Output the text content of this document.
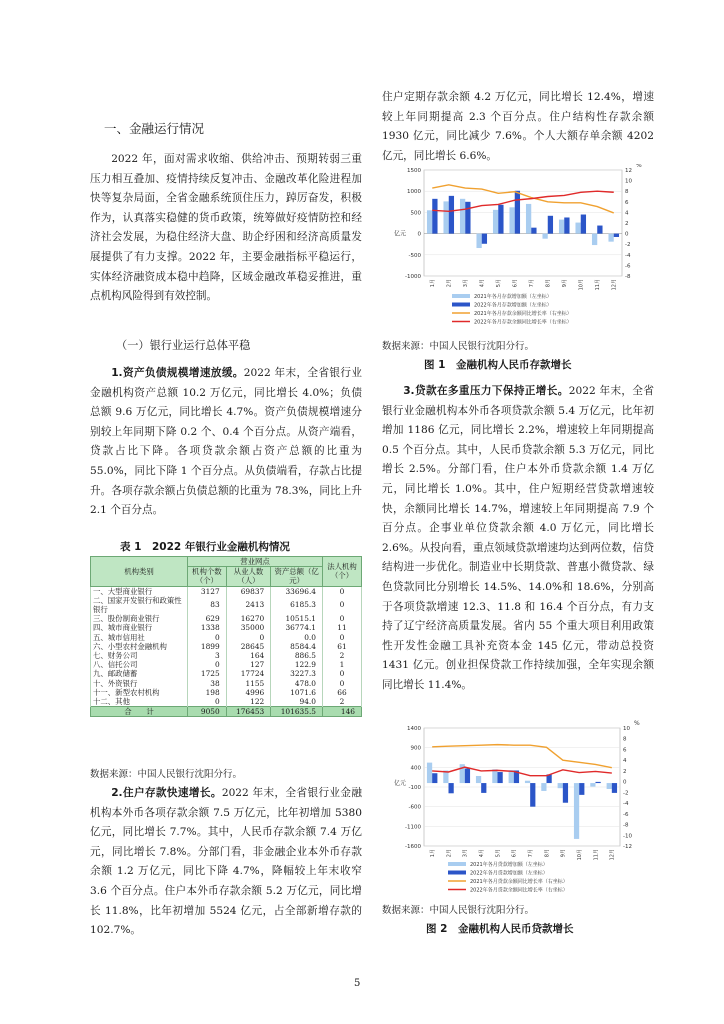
一、金融运行情况

2022 年，面对需求收缩、供给冲击、预期转弱三重压力相互叠加、疫情持续反复冲击、金融改革化险进程加快等复杂局面，全省金融系统顶住压力，踔厉奋发，积极作为，认真落实稳健的货币政策，统筹做好疫情防控和经济社会发展，为稳住经济大盘、助企纾困和经济高质量发展提供了有力支撑。2022 年，主要金融指标平稳运行，实体经济融资成本稳中趋降，区域金融改革稳妥推进，重点机构风险得到有效控制。

（一）银行业运行总体平稳

1.资产负债规模增速放缓。2022 年末，全省银行业金融机构资产总额 10.2 万亿元，同比增长 4.0%；负债总额 9.6 万亿元，同比增长 4.7%。资产负债规模增速分别较上年同期下降 0.2 个、0.4 个百分点。从资产端看，贷款占比下降。各项贷款余额占资产总额的比重为 55.0%，同比下降 1 个百分点。从负债端看，存款占比提升。各项存款余额占负债总额的比重为 78.3%，同比上升 2.1 个百分点。

表 1　2022 年银行业金融机构情况
机构类别	营业网点			法人机构（个）
	机构个数（个）	从业人数（人）	资产总额（亿元）	
一、大型商业银行	3127	69837	33696.4	0
二、国家开发银行和政策性银行	83	2413	6185.3	0
三、股份制商业银行	629	16270	10515.1	0
四、城市商业银行	1338	35000	36774.1	11
五、城市信用社	0	0	0.0	0
六、小型农村金融机构	1899	28645	8584.4	61
七、财务公司	3	164	886.5	2
八、信托公司	0	127	122.9	1
九、邮政储蓄	1725	17724	3227.3	0
十、外资银行	38	1155	478.0	0
十一、新型农村机构	198	4996	1071.6	66
十二、其他	0	122	94.0	2
合　　计	9050	176453	101635.5	146
数据来源：中国人民银行沈阳分行。

2.住户存款快速增长。2022 年末，全省银行业金融机构本外币各项存款余额 7.5 万亿元，比年初增加 5380 亿元，同比增长 7.7%。其中，人民币存款余额 7.4 万亿元，同比增长 7.8%。分部门看，非金融企业本外币存款余额 1.2 万亿元，同比下降 4.7%，降幅较上年末收窄 3.6 个百分点。住户本外币存款余额 5.2 万亿元，同比增长 11.8%，比年初增加 5524 亿元，占全部新增存款的 102.7%。

住户定期存款余额 4.2 万亿元，同比增长 12.4%，增速较上年同期提高 2.3 个百分点。住户结构性存款余额 1930 亿元，同比减少 7.6%。个人大额存单余额 4202 亿元，同比增长 6.6%。

-1000
-500
0
500
1000
1500
-8
-6
-4
-2
0
2
4
6
8
10
12
亿元
%
1月 2月 3月 4月 5月 6月 7月 8月 9月 10月 11月 12月
2021年各月存款增加额（左坐标）
2022年各月存款增加额（左坐标）
2021年各月存款余额同比增长率（右坐标）
2022年各月存款余额同比增长率（右坐标）
数据来源：中国人民银行沈阳分行。
图 1　金融机构人民币存款增长

3.贷款在多重压力下保持正增长。2022 年末，全省银行业金融机构本外币各项贷款余额 5.4 万亿元，比年初增加 1186 亿元，同比增长 2.2%，增速较上年同期提高 0.5 个百分点。其中，人民币贷款余额 5.3 万亿元，同比增长 2.5%。分部门看，住户本外币贷款余额 1.4 万亿元，同比增长 1.0%。其中，住户短期经营贷款增速较快，余额同比增长 14.7%，增速较上年同期提高 7.9 个百分点。企事业单位贷款余额 4.0 万亿元，同比增长 2.6%。从投向看，重点领域贷款增速均达到两位数，信贷结构进一步优化。制造业中长期贷款、普惠小微贷款、绿色贷款同比分别增长 14.5%、14.0%和 18.6%，分别高于各项贷款增速 12.3、11.8 和 16.4 个百分点，有力支持了辽宁经济高质量发展。省内 55 个重大项目利用政策性开发性金融工具补充资本金 145 亿元，带动总投资 1431 亿元。创业担保贷款工作持续加强，全年实现余额同比增长 11.4%。

-1600
-1100
-600
-100
400
900
1400
-12
-10
-8
-6
-4
-2
0
2
4
6
8
10
亿元
%
1月 2月 3月 4月 5月 6月 7月 8月 9月 10月 11月 12月
2021年各月贷款增加额（左坐标）
2022年各月贷款增加额（左坐标）
2021年各月贷款余额同比增长率（右坐标）
2022年各月贷款余额同比增长率（右坐标）
数据来源：中国人民银行沈阳分行。
图 2　金融机构人民币贷款增长
5
